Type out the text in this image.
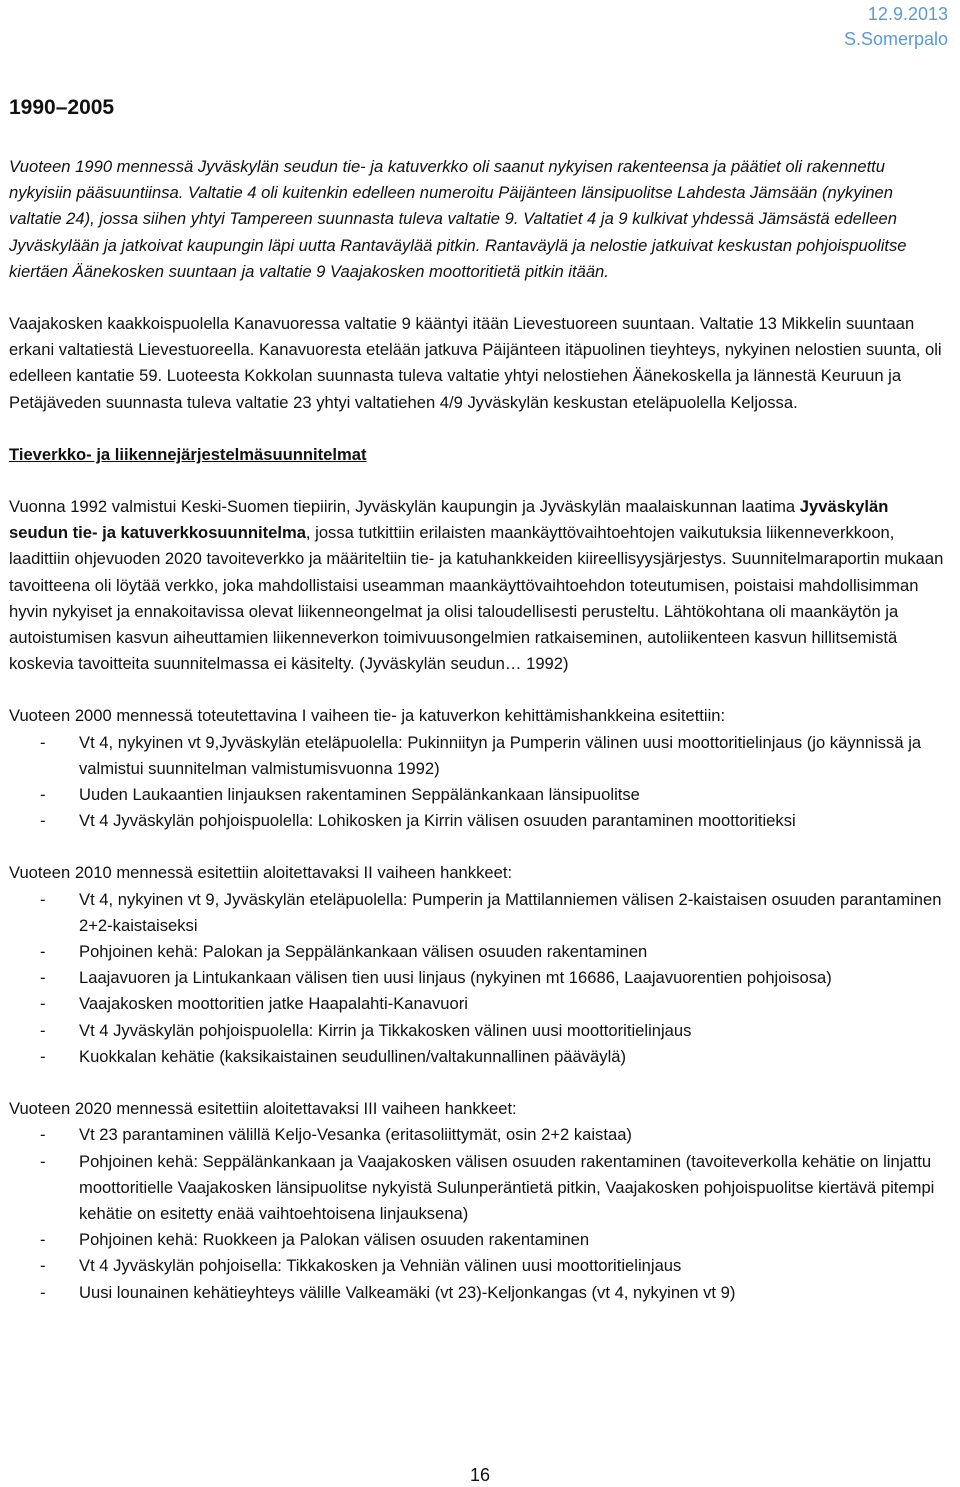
12.9.2013
S.Somerpalo
1990–2005

Vuoteen 1990 mennessä Jyväskylän seudun tie- ja katuverkko oli saanut nykyisen rakenteensa ja päätiet oli rakennettu nykyisiin pääsuuntiinsa. Valtatie 4 oli kuitenkin edelleen numeroitu Päijänteen länsipuolitse Lahdesta Jämsään (nykyinen valtatie 24), jossa siihen yhtyi Tampereen suunnasta tuleva valtatie 9. Valtatiet 4 ja 9 kulkivat yhdessä Jämsästä edelleen Jyväskylään ja jatkoivat kaupungin läpi uutta Rantaväylää pitkin. Rantaväylä ja nelostie jatkuivat keskustan pohjoispuolitse kiertäen Äänekosken suuntaan ja valtatie 9 Vaajakosken moottoritietä pitkin itään.

Vaajakosken kaakkoispuolella Kanavuoressa valtatie 9 kääntyi itään Lievestuoreen suuntaan. Valtatie 13 Mikkelin suuntaan erkani valtatiestä Lievestuoreella. Kanavuoresta etelään jatkuva Päijänteen itäpuolinen tieyhteys, nykyinen nelostien suunta, oli edelleen kantatie 59. Luoteesta Kokkolan suunnasta tuleva valtatie yhtyi nelostiehen Äänekoskella ja lännestä Keuruun ja Petäjäveden suunnasta tuleva valtatie 23 yhtyi valtatiehen 4/9 Jyväskylän keskustan eteläpuolella Keljossa.

Tieverkko- ja liikennejärjestelmäsuunnitelmat

Vuonna 1992 valmistui Keski-Suomen tiepiirin, Jyväskylän kaupungin ja Jyväskylän maalaiskunnan laatima Jyväskylän seudun tie- ja katuverkkosuunnitelma, jossa tutkittiin erilaisten maankäyttövaihtoehtojen vaikutuksia liikenneverkkoon, laadittiin ohjevuoden 2020 tavoiteverkko ja määriteltiin tie- ja katuhankkeiden kiireellisyysjärjestys. Suunnitelmaraportin mukaan tavoitteena oli löytää verkko, joka mahdollistaisi useamman maankäyttövaihtoehdon toteutumisen, poistaisi mahdollisimman hyvin nykyiset ja ennakoitavissa olevat liikenneongelmat ja olisi taloudellisesti perusteltu. Lähtökohtana oli maankäytön ja autoistumisen kasvun aiheuttamien liikenneverkon toimivuusongelmien ratkaiseminen, autoliikenteen kasvun hillitsemistä koskevia tavoitteita suunnitelmassa ei käsitelty. (Jyväskylän seudun… 1992)

Vuoteen 2000 mennessä toteutettavina I vaiheen tie- ja katuverkon kehittämishankkeina esitettiin:

- Vt 4, nykyinen vt 9,Jyväskylän eteläpuolella: Pukinniityn ja Pumperin välinen uusi moottoritielinjaus (jo käynnissä ja valmistui suunnitelman valmistumisvuonna 1992)
- Uuden Laukaantien linjauksen rakentaminen Seppälänkankaan länsipuolitse
- Vt 4 Jyväskylän pohjoispuolella: Lohikosken ja Kirrin välisen osuuden parantaminen moottoritieksi

Vuoteen 2010 mennessä esitettiin aloitettavaksi II vaiheen hankkeet:

- Vt 4, nykyinen vt 9, Jyväskylän eteläpuolella: Pumperin ja Mattilanniemen välisen 2-kaistaisen osuuden parantaminen 2+2-kaistaiseksi
- Pohjoinen kehä: Palokan ja Seppälänkankaan välisen osuuden rakentaminen
- Laajavuoren ja Lintukankaan välisen tien uusi linjaus (nykyinen mt 16686, Laajavuorentien pohjoisosa)
- Vaajakosken moottoritien jatke Haapalahti-Kanavuori
- Vt 4 Jyväskylän pohjoispuolella: Kirrin ja Tikkakosken välinen uusi moottoritielinjaus
- Kuokkalan kehätie (kaksikaistainen seudullinen/valtakunnallinen pääväylä)

Vuoteen 2020 mennessä esitettiin aloitettavaksi III vaiheen hankkeet:

- Vt 23 parantaminen välillä Keljo-Vesanka (eritasoliittymät, osin 2+2 kaistaa)
- Pohjoinen kehä: Seppälänkankaan ja Vaajakosken välisen osuuden rakentaminen (tavoiteverkolla kehätie on linjattu moottoritielle Vaajakosken länsipuolitse nykyistä Sulunperäntietä pitkin, Vaajakosken pohjoispuolitse kiertävä pitempi kehätie on esitetty enää vaihtoehtoisena linjauksena)
- Pohjoinen kehä: Ruokkeen ja Palokan välisen osuuden rakentaminen
- Vt 4 Jyväskylän pohjoisella: Tikkakosken ja Vehniän välinen uusi moottoritielinjaus
- Uusi lounainen kehätieyhteys välille Valkeamäki (vt 23)-Keljonkangas (vt 4, nykyinen vt 9)
16
